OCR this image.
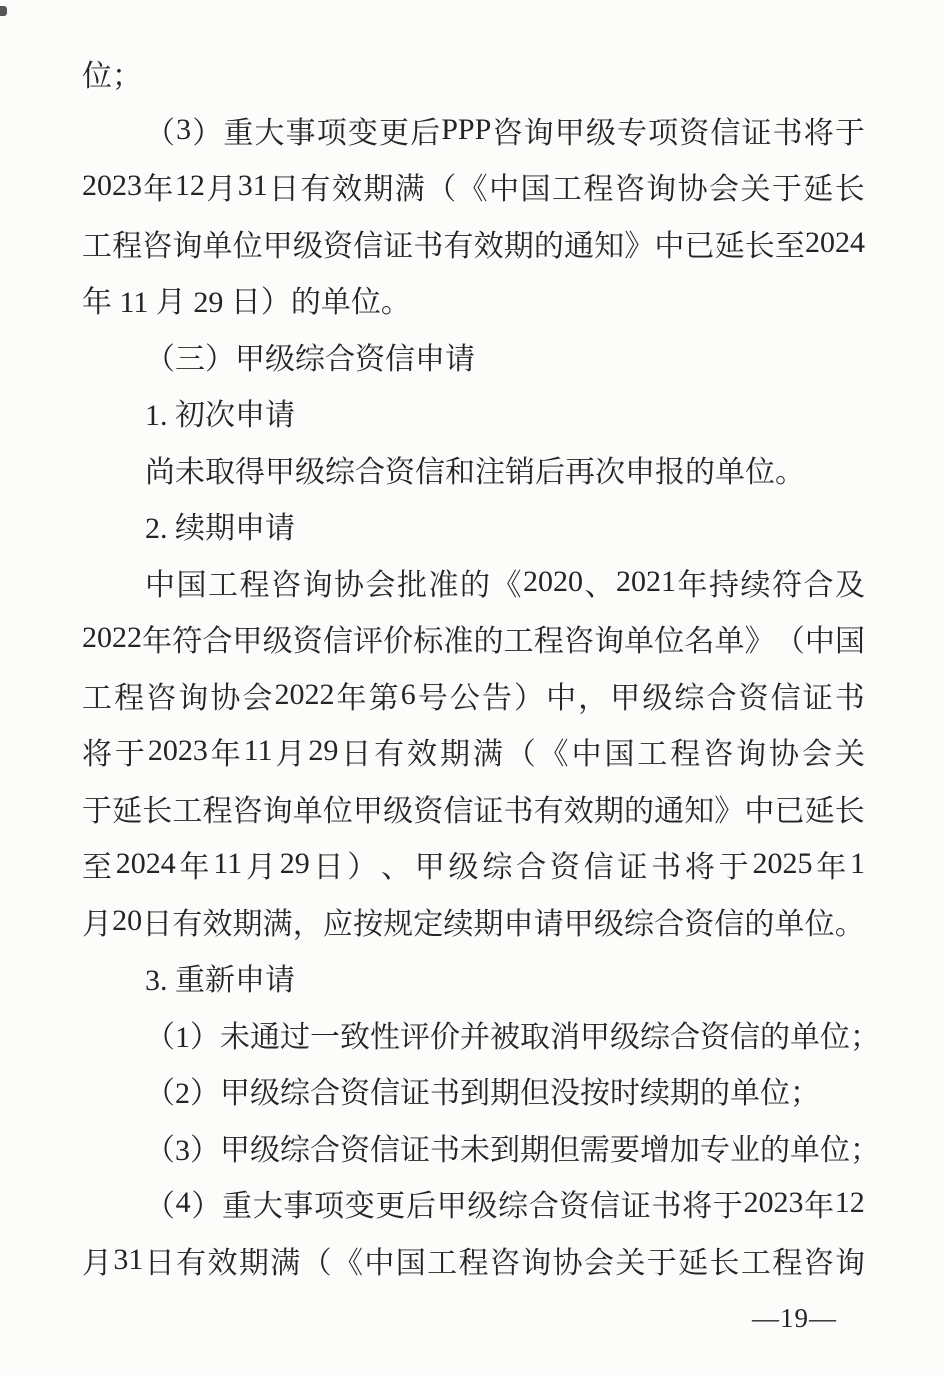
位；
（ 3 ） 重 大 事 项 变 更 后 PPP 咨 询 甲 级 专 项 资 信 证 书 将 于
2023 年 12 月 31 日 有 效 期 满 （ 《 中 国 工 程 咨 询 协 会 关 于 延 长
工 程 咨 询 单 位 甲 级 资 信 证 书 有 效 期 的 通 知 》 中 已 延 长 至 2024
年 11 月 29 日）的单位。
（三）甲级综合资信申请
1. 初次申请
尚未取得甲级综合资信和注销后再次申报的单位。
2. 续期申请
中 国 工 程 咨 询 协 会 批 准 的 《 2020 、 2021 年 持 续 符 合 及
2022 年 符 合 甲 级 资 信 评 价 标 准 的 工 程 咨 询 单 位 名 单 》 （ 中 国
工 程 咨 询 协 会 2022 年 第 6 号 公 告 ） 中 ， 甲 级 综 合 资 信 证 书
将 于 2023 年 11 月 29 日 有 效 期 满 （ 《 中 国 工 程 咨 询 协 会 关
于 延 长 工 程 咨 询 单 位 甲 级 资 信 证 书 有 效 期 的 通 知 》 中 已 延 长
至 2024 年 11 月 29 日 ） 、 甲 级 综 合 资 信 证 书 将 于 2025 年 1
月 20 日 有 效 期 满 ， 应 按 规 定 续 期 申 请 甲 级 综 合 资 信 的 单 位 。
3. 重新申请
（1）未通过一致性评价并被取消甲级综合资信的单位；
（2）甲级综合资信证书到期但没按时续期的单位；
（3）甲级综合资信证书未到期但需要增加专业的单位；
（ 4 ） 重 大 事 项 变 更 后 甲 级 综 合 资 信 证 书 将 于 2023 年 12
月 31 日 有 效 期 满 （ 《 中 国 工 程 咨 询 协 会 关 于 延 长 工 程 咨 询
—19—
